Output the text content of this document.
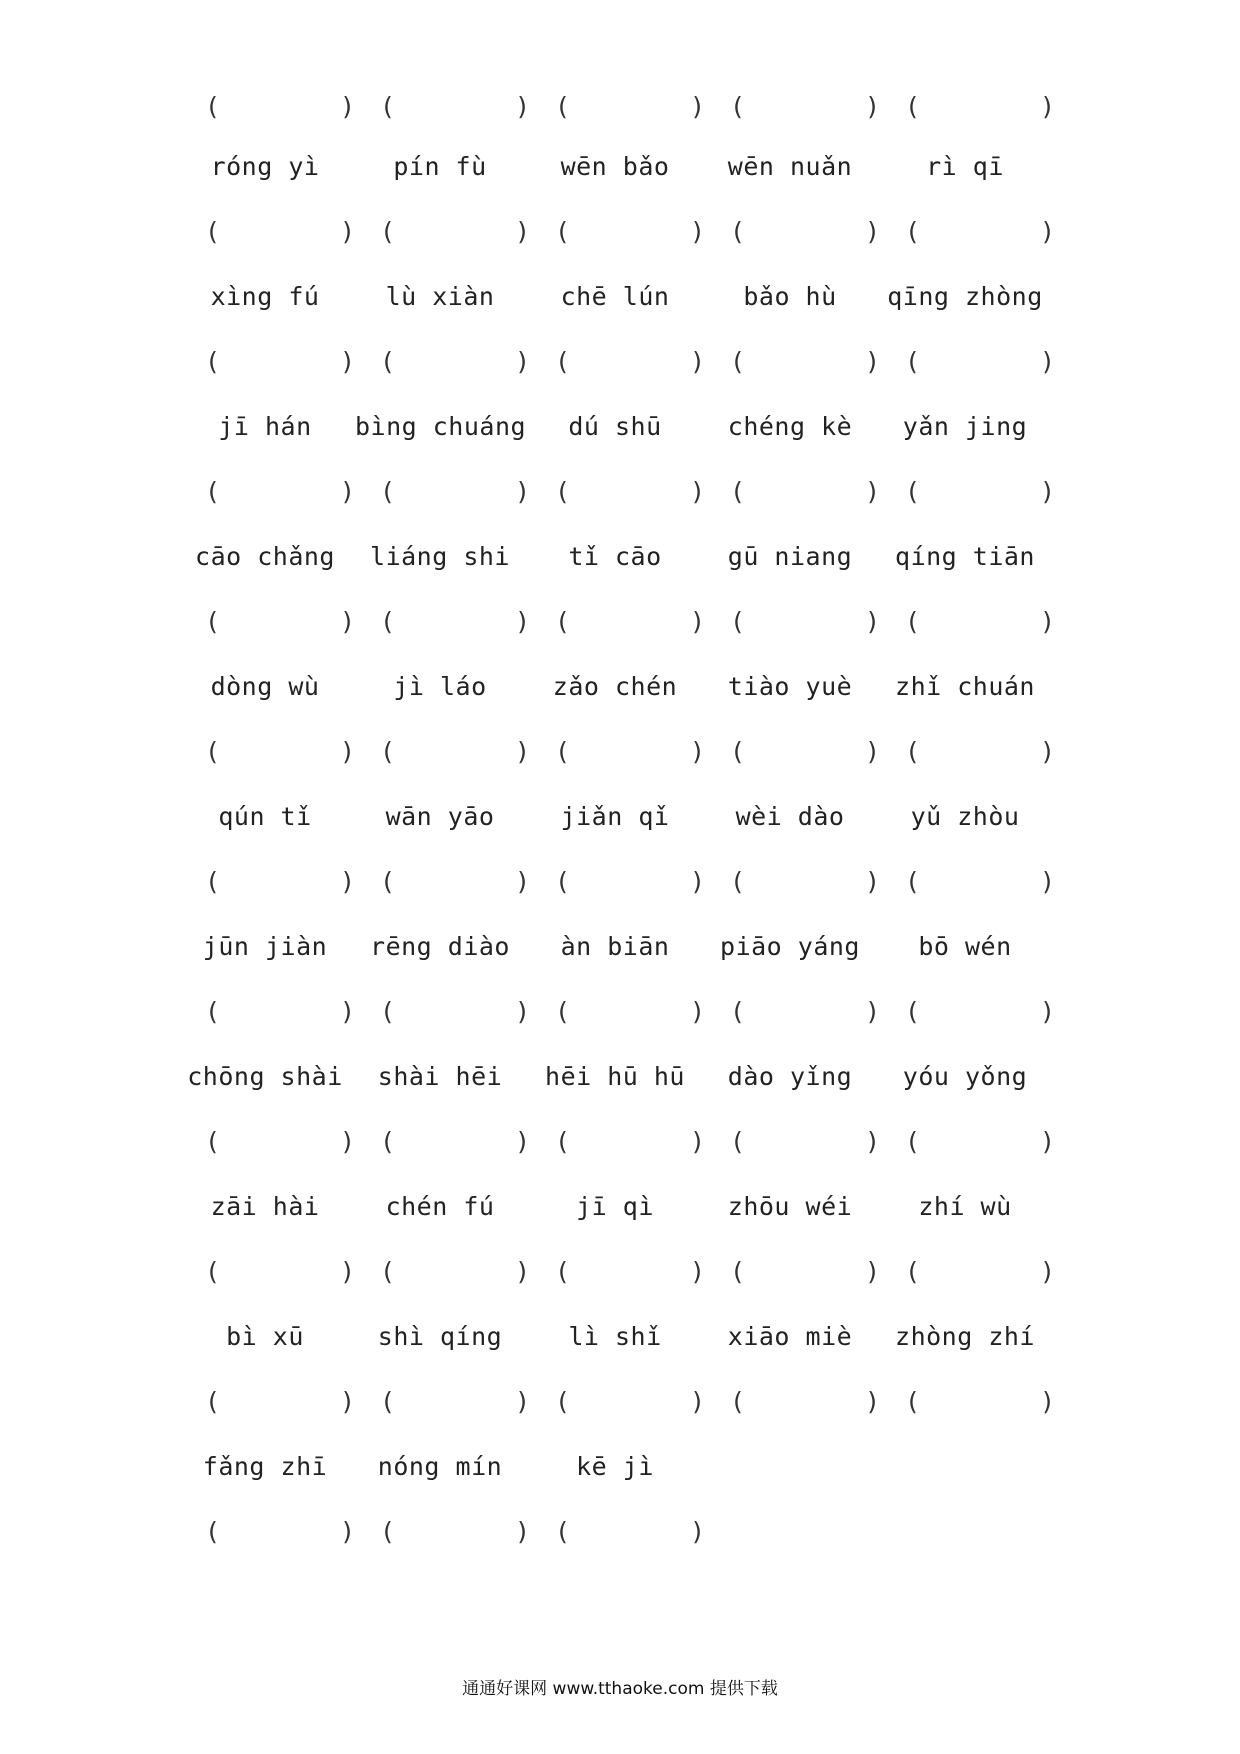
(	) (	) (	) (	) (	)
róng yì	pín fù	wēn bǎo	wēn nuǎn	rì qī
(	) (	) (	) (	) (	)
xìng fú	lù xiàn	chē lún	bǎo hù	qīng zhòng
(	) (	) (	) (	) (	)
jī hán	bìng chuáng	dú shū	chéng kè	yǎn jing
(	) (	) (	) (	) (	)
cāo chǎng	liáng shi	tǐ cāo	gū niang	qíng tiān
(	) (	) (	) (	) (	)
dòng wù	jì láo	zǎo chén	tiào yuè	zhǐ chuán
(	) (	) (	) (	) (	)
qún tǐ	wān yāo	jiǎn qǐ	wèi dào	yǔ zhòu
(	) (	) (	) (	) (	)
jūn jiàn	rēng diào	àn biān	piāo yáng	bō wén
(	) (	) (	) (	) (	)
chōng shài	shài hēi	hēi hū hū	dào yǐng	yóu yǒng
(	) (	) (	) (	) (	)
zāi hài	chén fú	jī qì	zhōu wéi	zhí wù
(	) (	) (	) (	) (	)
bì xū	shì qíng	lì shǐ	xiāo miè	zhòng zhí
(	) (	) (	) (	) (	)
fǎng zhī	nóng mín	kē jì
(	) (	) (	)
通通好课网 www.tthaoke.com 提供下载
